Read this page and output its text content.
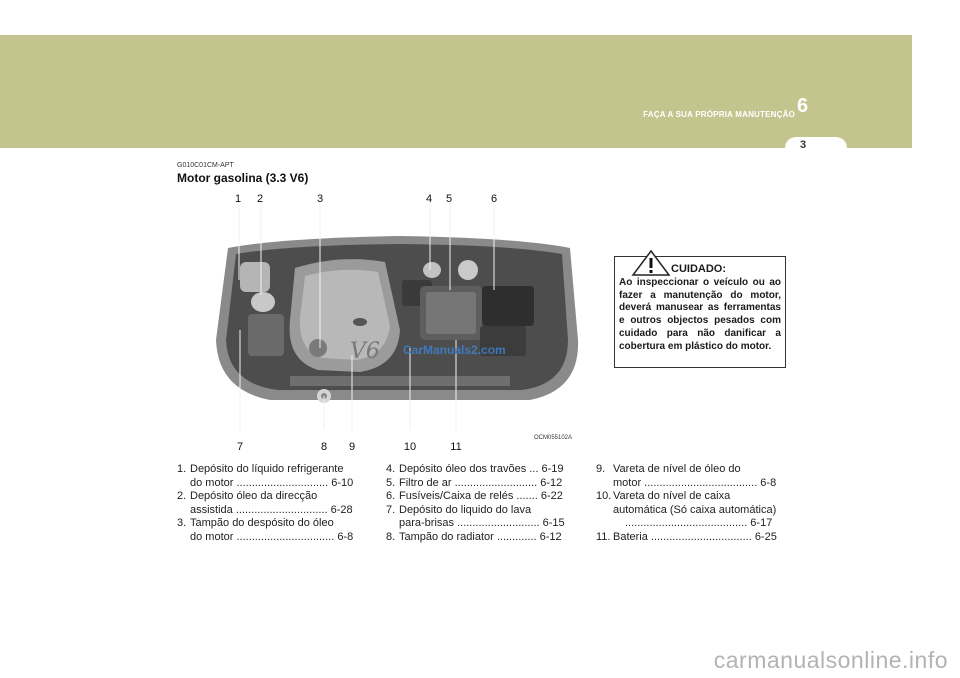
FAÇA A SUA PRÓPRIA MANUTENÇÃO 6
3
G010C01CM-APT
Motor gasolina (3.3 V6)
V6
1	2	3	4	5	6
7	8	9	10	11
CarManuals2.com
OCM055102A
1. Depósito do líquido refrigerante
do motor .............................. 6-10
2. Depósito óleo da direcção
assistida .............................. 6-28
3. Tampão do despósito do óleo
do motor ................................ 6-8
4. Depósito óleo dos travões ... 6-19
5. Filtro de ar ........................... 6-12
6. Fusíveis/Caixa de relés ....... 6-22
7. Depósito do liquido do lava
para-brisas ........................... 6-15
8. Tampão do radiator ............. 6-12
9. Vareta de nível de óleo do
motor ..................................... 6-8
10. Vareta do nível de caixa
automática (Só caixa automática)
........................................ 6-17
11. Bateria ................................. 6-25
CUIDADO:
Ao inspeccionar o veículo ou ao fazer a manutenção do motor, deverá manusear as ferramentas e outros objectos pesados com cuidado para não danificar a cobertura em plástico do motor.
carmanualsonline.info
